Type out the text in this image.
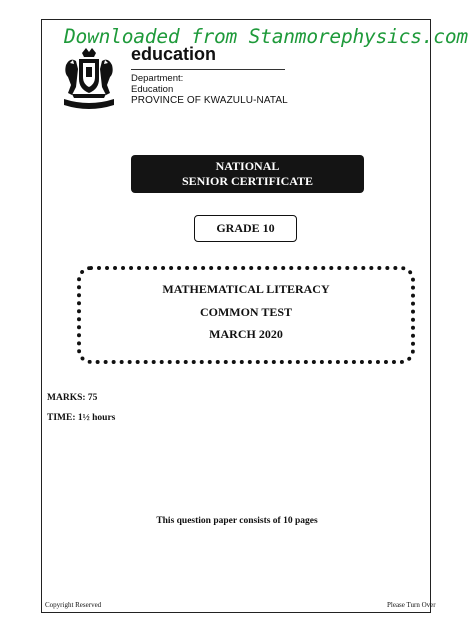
Downloaded from Stanmorephysics.com
education
Department:
Education
PROVINCE OF KWAZULU-NATAL
NATIONAL
SENIOR CERTIFICATE
GRADE 10
MATHEMATICAL LITERACY
COMMON TEST
MARCH 2020
MARKS: 75
TIME: 1½ hours
This question paper consists of 10 pages
Copyright Reserved	Please Turn Over
